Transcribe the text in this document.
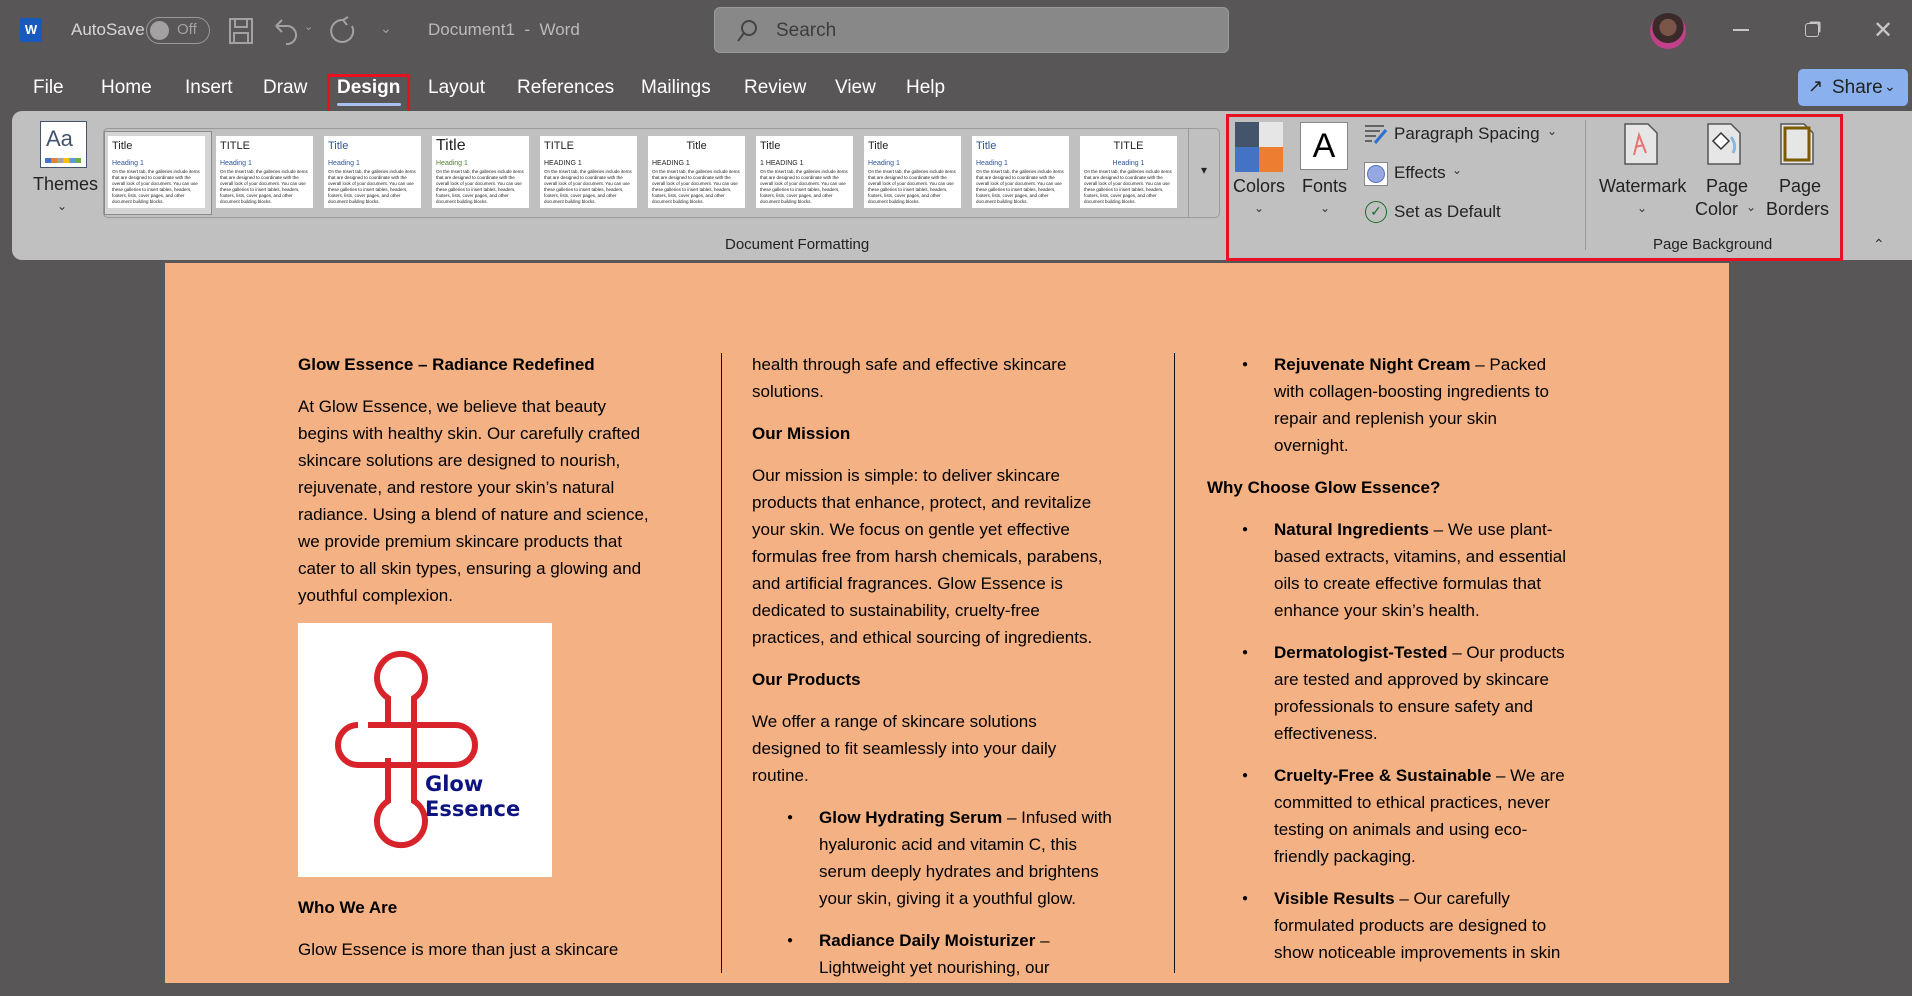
W AutoSave Off	⌄	⌄ Document1  -  Word	Search	✕
File Home Insert Draw Design Layout References Mailings Review View Help	↗ Share ⌄
Aa
Themes
⌄
Title
Heading 1
On the Insert tab, the galleries include items that are designed to coordinate with the overall look of your document. You can use these galleries to insert tables, headers, footers, lists, cover pages, and other document building blocks.
TITLE
Heading 1
On the Insert tab, the galleries include items that are designed to coordinate with the overall look of your document. You can use these galleries to insert tables, headers, footers, lists, cover pages, and other document building blocks.
Title
Heading 1
On the Insert tab, the galleries include items that are designed to coordinate with the overall look of your document. You can use these galleries to insert tables, headers, footers, lists, cover pages, and other document building blocks.
Title
Heading 1
On the Insert tab, the galleries include items that are designed to coordinate with the overall look of your document. You can use these galleries to insert tables, headers, footers, lists, cover pages, and other document building blocks.
TITLE
HEADING 1
On the Insert tab, the galleries include items that are designed to coordinate with the overall look of your document. You can use these galleries to insert tables, headers, footers, lists, cover pages, and other document building blocks.
Title
HEADING 1
On the Insert tab, the galleries include items that are designed to coordinate with the overall look of your document. You can use these galleries to insert tables, headers, footers, lists, cover pages, and other document building blocks.
Title
1 HEADING 1
On the Insert tab, the galleries include items that are designed to coordinate with the overall look of your document. You can use these galleries to insert tables, headers, footers, lists, cover pages, and other document building blocks.
Title
Heading 1
On the Insert tab, the galleries include items that are designed to coordinate with the overall look of your document. You can use these galleries to insert tables, headers, footers, lists, cover pages, and other document building blocks.
Title
Heading 1
On the Insert tab, the galleries include items that are designed to coordinate with the overall look of your document. You can use these galleries to insert tables, headers, footers, lists, cover pages, and other document building blocks.
TITLE
Heading 1
On the Insert tab, the galleries include items that are designed to coordinate with the overall look of your document. You can use these galleries to insert tables, headers, footers, lists, cover pages, and other document building blocks.
▾
Document Formatting
Colors
⌄
A
Fonts
⌄
Paragraph Spacing ⌄
Effects ⌄
✓ Set as Default
Watermark
⌄
Page
Color ⌄
Page
Borders
Page Background	⌃
Glow Essence – Radiance Redefined
At Glow Essence, we believe that beauty
begins with healthy skin. Our carefully crafted
skincare solutions are designed to nourish,
rejuvenate, and restore your skin’s natural
radiance. Using a blend of nature and science,
we provide premium skincare products that
cater to all skin types, ensuring a glowing and
youthful complexion.
Glow
Essence
Who We Are
Glow Essence is more than just a skincare
health through safe and effective skincare
solutions.
Our Mission
Our mission is simple: to deliver skincare
products that enhance, protect, and revitalize
your skin. We focus on gentle yet effective
formulas free from harsh chemicals, parabens,
and artificial fragrances. Glow Essence is
dedicated to sustainability, cruelty-free
practices, and ethical sourcing of ingredients.
Our Products
We offer a range of skincare solutions
designed to fit seamlessly into your daily
routine.
● Glow Hydrating Serum – Infused with
hyaluronic acid and vitamin C, this
serum deeply hydrates and brightens
your skin, giving it a youthful glow.
● Radiance Daily Moisturizer –
Lightweight yet nourishing, our
● Rejuvenate Night Cream – Packed
with collagen-boosting ingredients to
repair and replenish your skin
overnight.
Why Choose Glow Essence?
● Natural Ingredients – We use plant-
based extracts, vitamins, and essential
oils to create effective formulas that
enhance your skin’s health.
● Dermatologist-Tested – Our products
are tested and approved by skincare
professionals to ensure safety and
effectiveness.
● Cruelty-Free & Sustainable – We are
committed to ethical practices, never
testing on animals and using eco-
friendly packaging.
● Visible Results – Our carefully
formulated products are designed to
show noticeable improvements in skin
